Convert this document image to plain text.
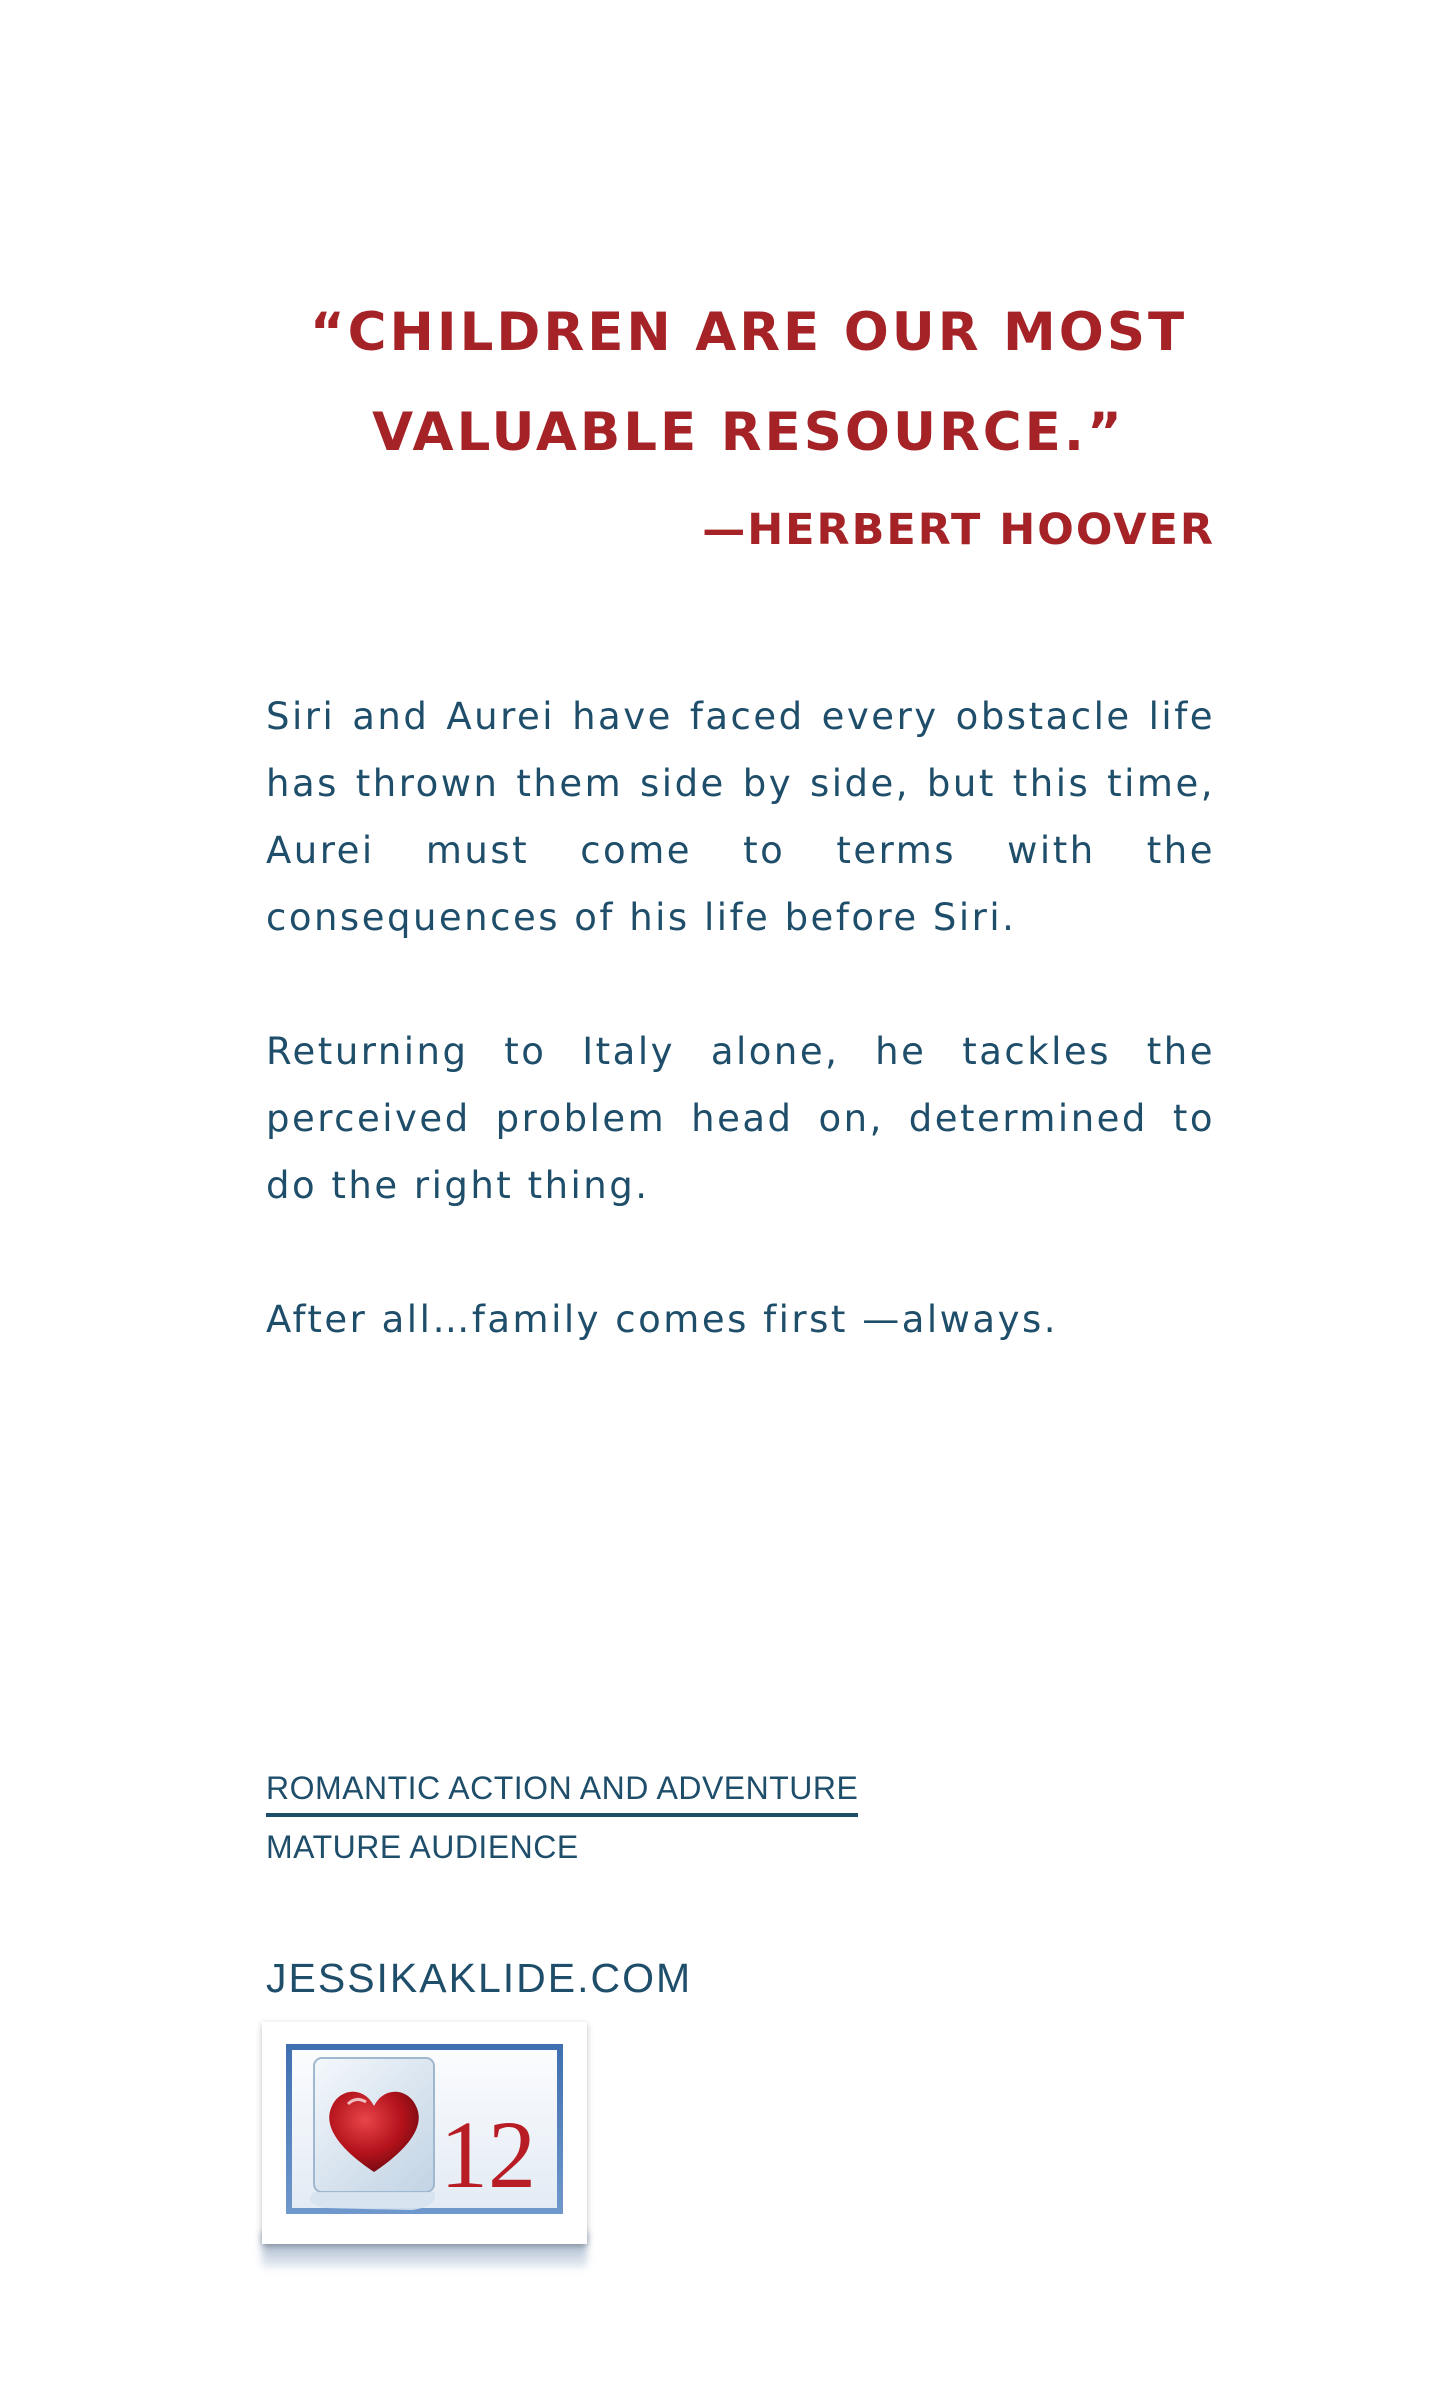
“CHILDREN ARE OUR MOST
VALUABLE RESOURCE.”
—HERBERT HOOVER

Siri and Aurei have faced every obstacle life has thrown them side by side, but this time, Aurei must come to terms with the consequences of his life before Siri.

Returning to Italy alone, he tackles the perceived problem head on, determined to do the right thing.

After all…family comes first —always.

ROMANTIC ACTION AND ADVENTURE
MATURE AUDIENCE
JESSIKAKLIDE.COM
12
